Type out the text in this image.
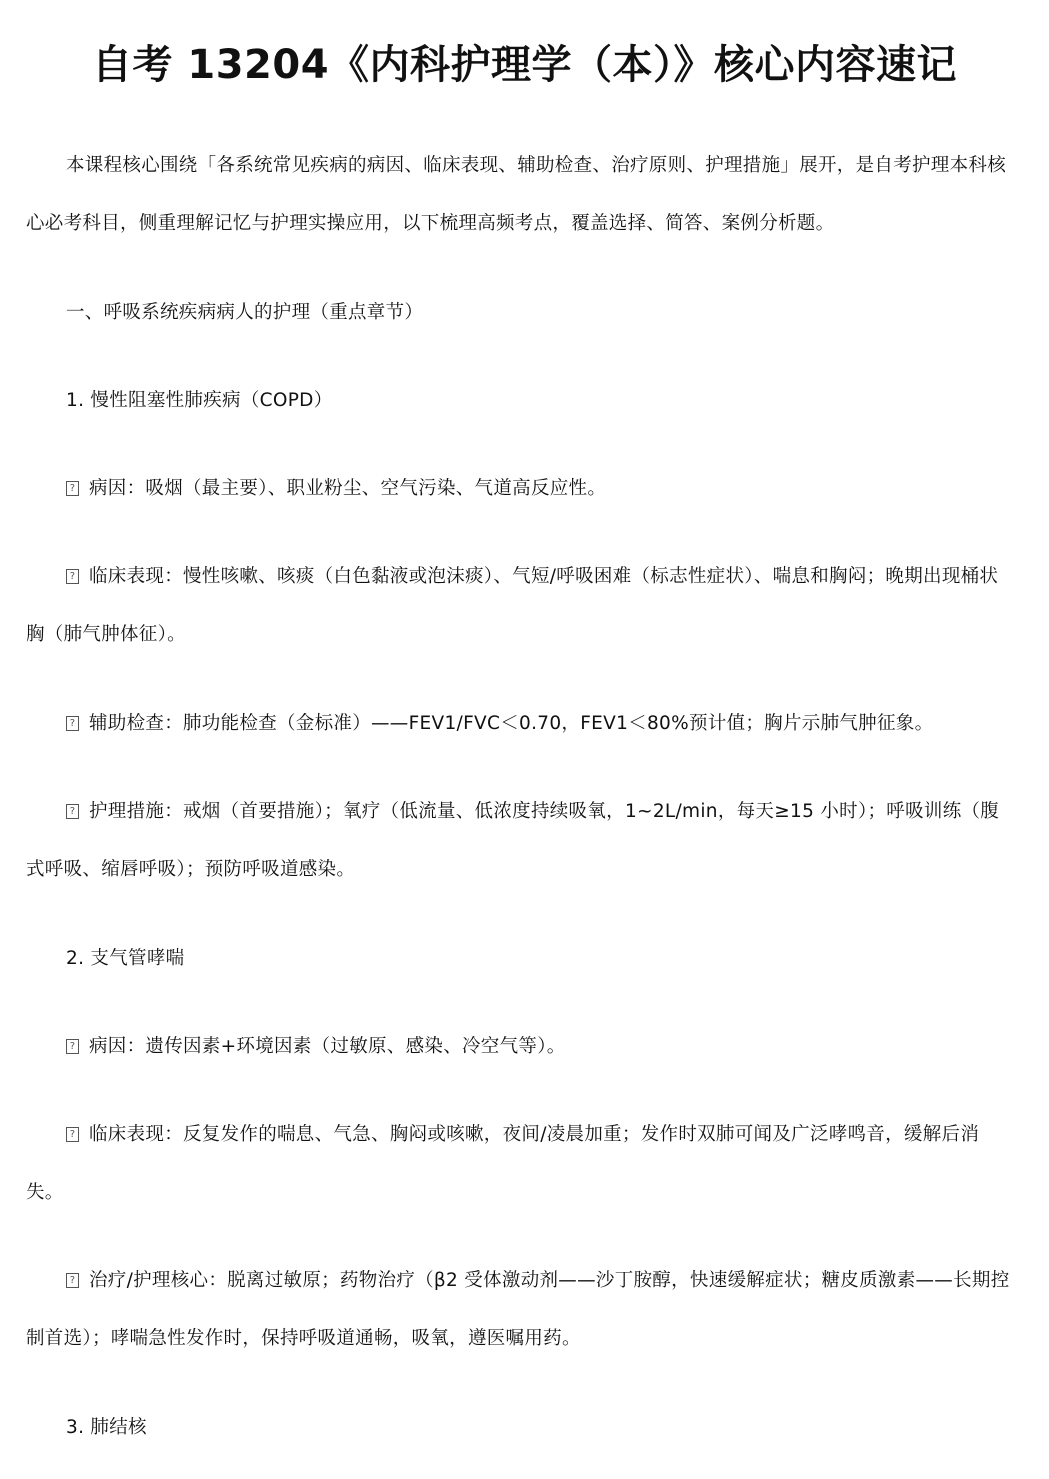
自考 13204《内科护理学（本）》核心内容速记

本课程核心围绕「各系统常见疾病的病因、临床表现、辅助检查、治疗原则、护理措施」展开，是自考护理本科核心必考科目，侧重理解记忆与护理实操应用，以下梳理高频考点，覆盖选择、简答、案例分析题。

一、呼吸系统疾病病人的护理（重点章节）

1. 慢性阻塞性肺疾病（COPD）

?病因：吸烟（最主要）、职业粉尘、空气污染、气道高反应性。

?临床表现：慢性咳嗽、咳痰（白色黏液或泡沫痰）、气短/呼吸困难（标志性症状）、喘息和胸闷；晚期出现桶状胸（肺气肿体征）。

?辅助检查：肺功能检查（金标准）——FEV1/FVC＜0.70，FEV1＜80%预计值；胸片示肺气肿征象。

?护理措施：戒烟（首要措施）；氧疗（低流量、低浓度持续吸氧，1~2L/min，每天≥15 小时）；呼吸训练（腹式呼吸、缩唇呼吸）；预防呼吸道感染。

2. 支气管哮喘

?病因：遗传因素+环境因素（过敏原、感染、冷空气等）。

?临床表现：反复发作的喘息、气急、胸闷或咳嗽，夜间/凌晨加重；发作时双肺可闻及广泛哮鸣音，缓解后消失。

?治疗/护理核心：脱离过敏原；药物治疗（β2 受体激动剂——沙丁胺醇，快速缓解症状；糖皮质激素——长期控制首选）；哮喘急性发作时，保持呼吸道通畅，吸氧，遵医嘱用药。

3. 肺结核
